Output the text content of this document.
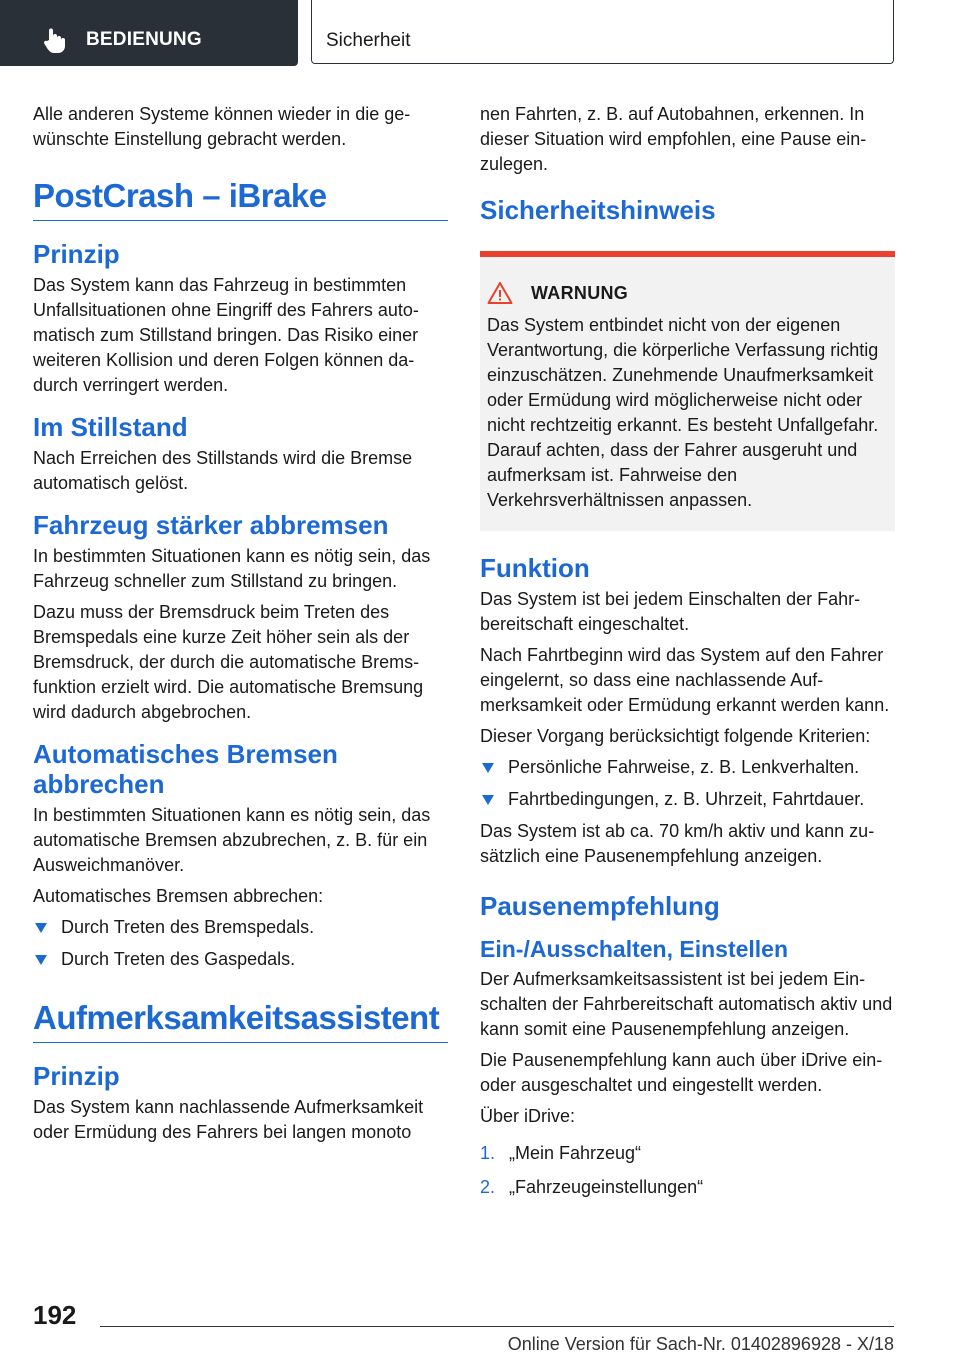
BEDIENUNG	Sicherheit

Alle anderen Systeme können wieder in die gewünschte Einstellung gebracht werden.

PostCrash – iBrake
Prinzip

Das System kann das Fahrzeug in bestimmten Unfallsituationen ohne Eingriff des Fahrers automatisch zum Stillstand bringen. Das Risiko einer weiteren Kollision und deren Folgen können dadurch verringert werden.

Im Stillstand

Nach Erreichen des Stillstands wird die Bremse automatisch gelöst.

Fahrzeug stärker abbremsen

In bestimmten Situationen kann es nötig sein, das Fahrzeug schneller zum Stillstand zu bringen.

Dazu muss der Bremsdruck beim Treten des Bremspedals eine kurze Zeit höher sein als der Bremsdruck, der durch die automatische Bremsfunktion erzielt wird. Die automatische Bremsung wird dadurch abgebrochen.

Automatisches Bremsen abbrechen

In bestimmten Situationen kann es nötig sein, das automatische Bremsen abzubrechen, z. B. für ein Ausweichmanöver.

Automatisches Bremsen abbrechen:

Durch Treten des Bremspedals.
Durch Treten des Gaspedals.
Aufmerksamkeitsassistent
Prinzip

Das System kann nachlassende Aufmerksamkeit oder Ermüdung des Fahrers bei langen monoto

nen Fahrten, z. B. auf Autobahnen, erkennen. In dieser Situation wird empfohlen, eine Pause einzulegen.

Sicherheitshinweis
WARNUNG

Das System entbindet nicht von der eigenen Verantwortung, die körperliche Verfassung richtig einzuschätzen. Zunehmende Unaufmerksamkeit oder Ermüdung wird möglicherweise nicht oder nicht rechtzeitig erkannt. Es besteht Unfallgefahr. Darauf achten, dass der Fahrer ausgeruht und aufmerksam ist. Fahrweise den Verkehrsverhältnissen anpassen.

Funktion

Das System ist bei jedem Einschalten der Fahrbereitschaft eingeschaltet.

Nach Fahrtbeginn wird das System auf den Fahrer eingelernt, so dass eine nachlassende Aufmerksamkeit oder Ermüdung erkannt werden kann.

Dieser Vorgang berücksichtigt folgende Kriterien:

Persönliche Fahrweise, z. B. Lenkverhalten.
Fahrtbedingungen, z. B. Uhrzeit, Fahrtdauer.

Das System ist ab ca. 70 km/h aktiv und kann zusätzlich eine Pausenempfehlung anzeigen.

Pausenempfehlung
Ein-/Ausschalten, Einstellen

Der Aufmerksamkeitsassistent ist bei jedem Einschalten der Fahrbereitschaft automatisch aktiv und kann somit eine Pausenempfehlung anzeigen.

Die Pausenempfehlung kann auch über iDrive ein- oder ausgeschaltet und eingestellt werden.

Über iDrive:

1. „Mein Fahrzeug“
2. „Fahrzeugeinstellungen“
192
Online Version für Sach-Nr. 01402896928 - X/18
